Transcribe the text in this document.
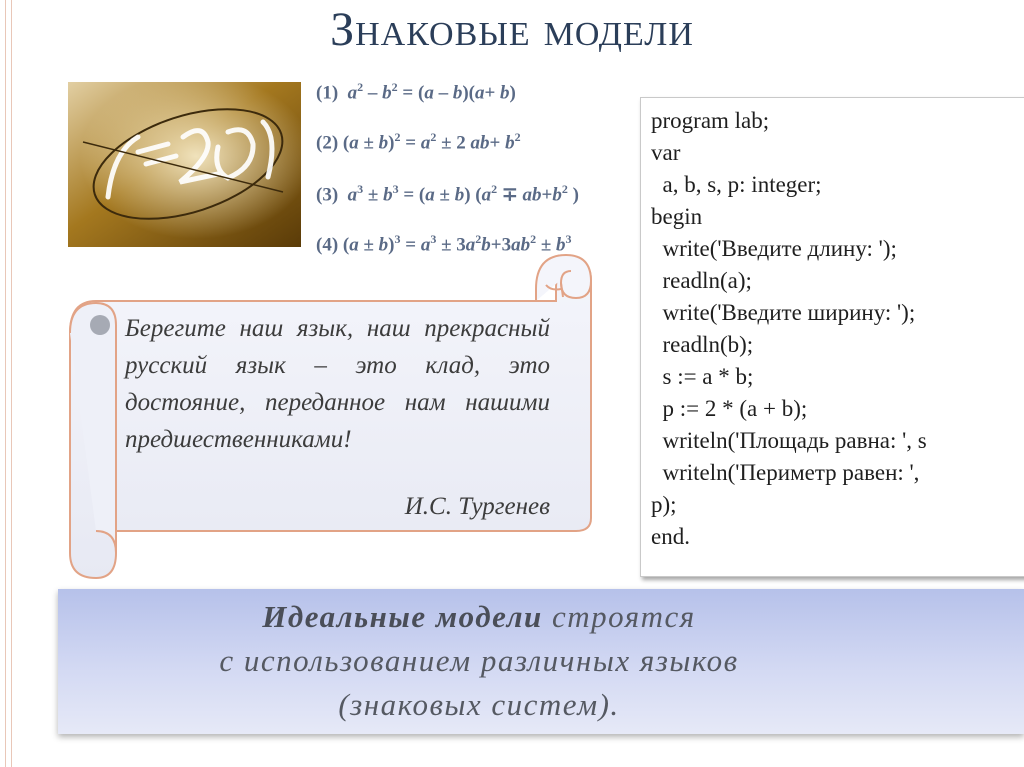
Знаковые модели
(1) $a^2 - b^2 = (a - b)(a+ b)$
(2) $(a \pm b)^2 = a^2 \pm 2$ $ab+ b^2$
(3) $a^3 \pm b^3 = (a \pm b) (a^2 \mp ab+b^2$ )
(4) $(a \pm b)^3 = a^3 \pm 3a^2b+3ab^2 \pm b^3$
program lab;
var
a, b, s, p: integer;
begin
write('Введите длину: ');
readln(a);
write('Введите ширину: ');
readln(b);
s := a * b;
p := 2 * (a + b);
writeln('Площадь равна: ', s
writeln('Периметр равен: ',
p);
end.
Берегите наш язык, наш прекрасный русский язык – это клад, это достояние, переданное нам нашими предшественниками!
И.С. Тургенев
Идеальные модели строятся
с использованием различных языков
(знаковых систем).
